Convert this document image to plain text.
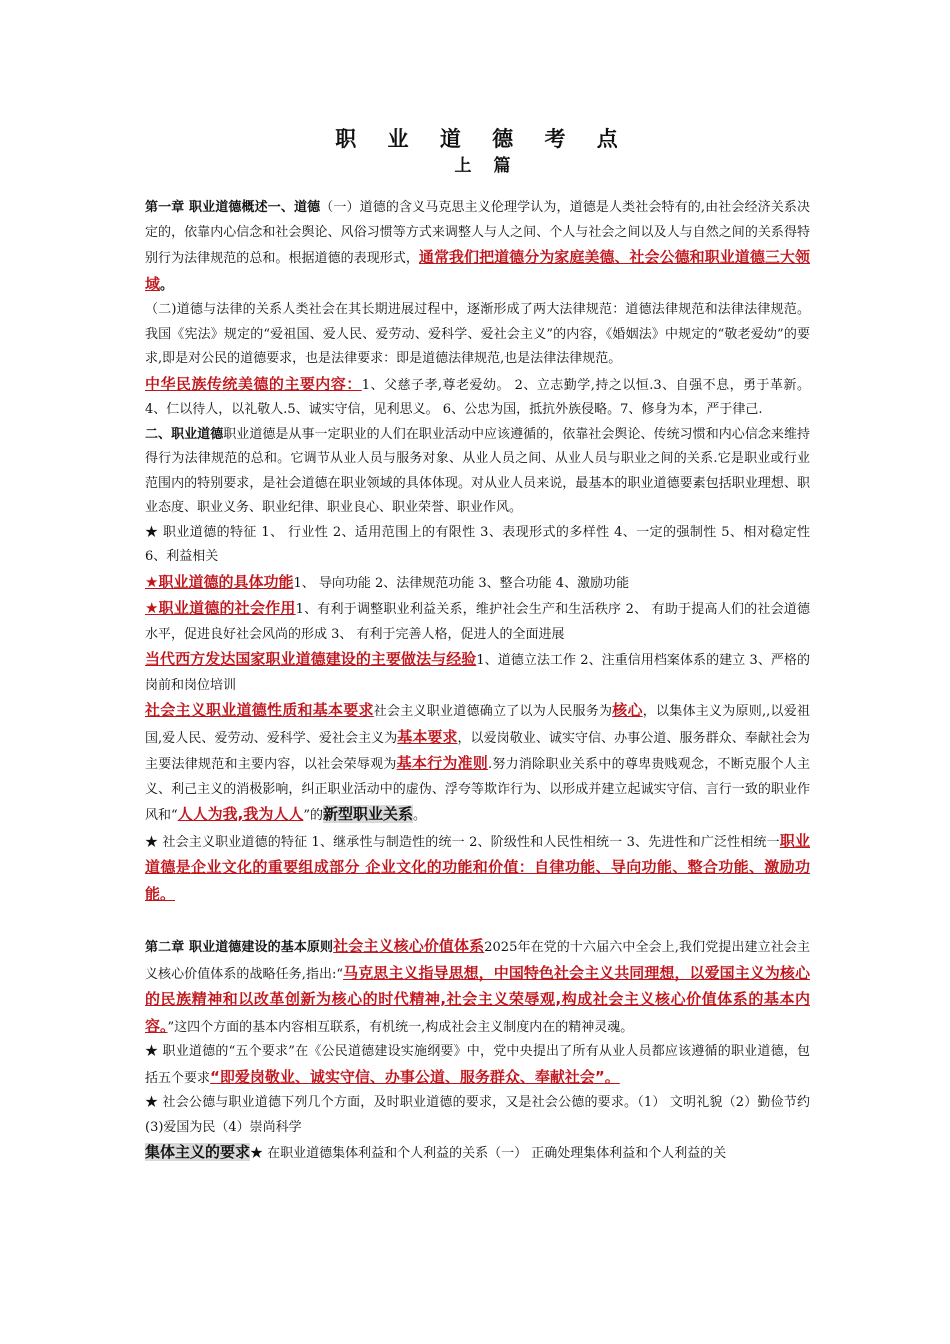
职 业 道 德 考 点
上 篇

第一章 职业道德概述一、道德（一）道德的含义马克思主义伦理学认为，道德是人类社会特有的,由社会经济关系决定的，依靠内心信念和社会舆论、风俗习惯等方式来调整人与人之间、个人与社会之间以及人与自然之间的关系得特别行为法律规范的总和。根据道德的表现形式，通常我们把道德分为家庭美德、社会公德和职业道德三大领域。

（二)道德与法律的关系人类社会在其长期进展过程中，逐渐形成了两大法律规范：道德法律规范和法律法律规范。我国《宪法》规定的“爱祖国、爱人民、爱劳动、爱科学、爱社会主义”的内容，《婚姻法》中规定的“敬老爱幼”的要求,即是对公民的道德要求，也是法律要求：即是道德法律规范,也是法律法律规范。

中华民族传统美德的主要内容：1、父慈子孝,尊老爱幼。 2、立志勤学,持之以恒.3、自强不息，勇于革新。 4、仁以待人，以礼敬人.5、诚实守信，见利思义。 6、公忠为国，抵抗外族侵略。7、修身为本，严于律己.

二、职业道德职业道德是从事一定职业的人们在职业活动中应该遵循的，依靠社会舆论、传统习惯和内心信念来维持得行为法律规范的总和。它调节从业人员与服务对象、从业人员之间、从业人员与职业之间的关系.它是职业或行业范围内的特别要求，是社会道德在职业领域的具体体现。对从业人员来说，最基本的职业道德要素包括职业理想、职业态度、职业义务、职业纪律、职业良心、职业荣誉、职业作风。

★ 职业道德的特征 1、 行业性 2、适用范围上的有限性 3、表现形式的多样性 4、一定的强制性 5、相对稳定性 6、利益相关

★职业道德的具体功能1、 导向功能 2、法律规范功能 3、整合功能 4、激励功能

★职业道德的社会作用1、有利于调整职业利益关系，维护社会生产和生活秩序 2、 有助于提高人们的社会道德水平，促进良好社会风尚的形成 3、 有利于完善人格，促进人的全面进展

当代西方发达国家职业道德建设的主要做法与经验1、道德立法工作 2、注重信用档案体系的建立 3、严格的岗前和岗位培训

社会主义职业道德性质和基本要求社会主义职业道德确立了以为人民服务为核心，以集体主义为原则,,以爱祖国,爱人民、爱劳动、爱科学、爱社会主义为基本要求，以爱岗敬业、诚实守信、办事公道、服务群众、奉献社会为主要法律规范和主要内容，以社会荣辱观为基本行为准则.努力消除职业关系中的尊卑贵贱观念，不断克服个人主义、利己主义的消极影响，纠正职业活动中的虚伪、浮夸等欺诈行为、以形成并建立起诚实守信、言行一致的职业作风和“人人为我,我为人人”的新型职业关系。

★ 社会主义职业道德的特征 1、继承性与制造性的统一 2、阶级性和人民性相统一 3、先进性和广泛性相统一职业道德是企业文化的重要组成部分 企业文化的功能和价值：自律功能、导向功能、整合功能、激励功能。

第二章 职业道德建设的基本原则社会主义核心价值体系2025年在党的十六届六中全会上,我们党提出建立社会主义核心价值体系的战略任务,指出:“马克思主义指导思想，中国特色社会主义共同理想，以爱国主义为核心的民族精神和以改革创新为核心的时代精神,社会主义荣辱观,构成社会主义核心价值体系的基本内容。”这四个方面的基本内容相互联系，有机统一,构成社会主义制度内在的精神灵魂。

★ 职业道德的“五个要求”在《公民道德建设实施纲要》中，党中央提出了所有从业人员都应该遵循的职业道德，包括五个要求“即爱岗敬业、诚实守信、办事公道、服务群众、奉献社会”。

★ 社会公德与职业道德下列几个方面，及时职业道德的要求，又是社会公德的要求。（1） 文明礼貌（2）勤俭节约(3)爱国为民（4）崇尚科学

集体主义的要求★ 在职业道德集体利益和个人利益的关系（一） 正确处理集体利益和个人利益的关
